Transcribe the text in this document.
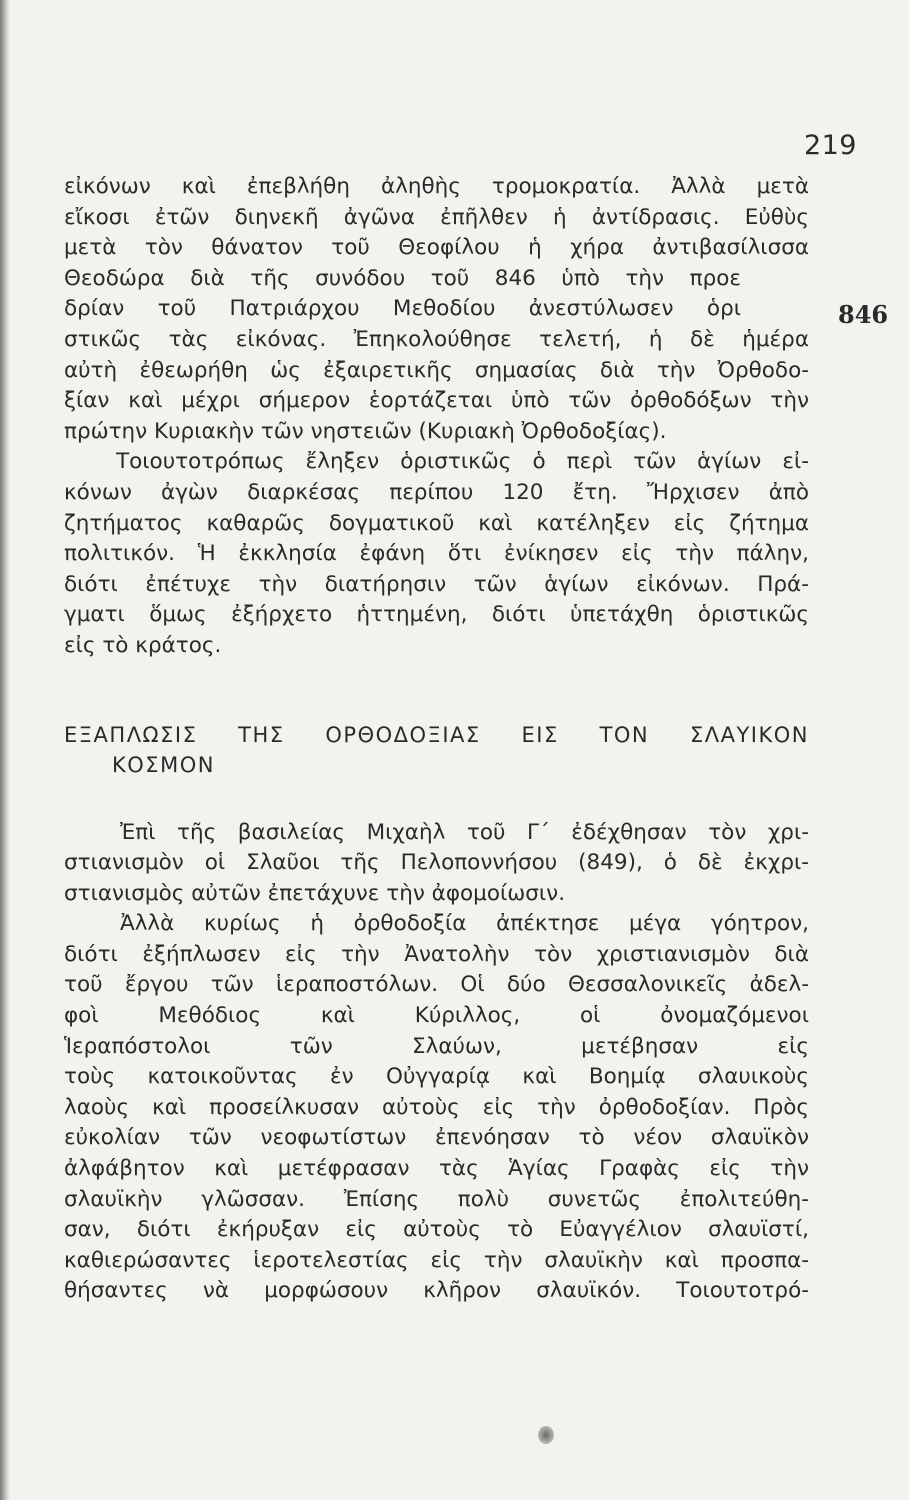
219
846
εἰκόνων καὶ ἐπεβλήθη ἀληθὴς τρομοκρατία. Ἀλλὰ μετὰ
εἴκοσι ἐτῶν διηνεκῆ ἀγῶνα ἐπῆλθεν ἡ ἀντίδρασις. Εὐθὺς
μετὰ τὸν θάνατον τοῦ Θεοφίλου ἡ χήρα ἀντιβασίλισσα
Θεοδώρα διὰ τῆς συνόδου τοῦ 846 ὑπὸ τὴν προε
δρίαν τοῦ Πατριάρχου Μεθοδίου ἀνεστύλωσεν ὁρι
στικῶς τὰς εἰκόνας. Ἐπηκολούθησε τελετή, ἡ δὲ ἡμέρα
αὐτὴ ἐθεωρήθη ὡς ἐξαιρετικῆς σημασίας διὰ τὴν Ὀρθοδο-
ξίαν καὶ μέχρι σήμερον ἑορτάζεται ὑπὸ τῶν ὀρθοδόξων τὴν
πρώτην Κυριακὴν τῶν νηστειῶν (Κυριακὴ Ὀρθοδοξίας).
Τοιουτοτρόπως ἔληξεν ὁριστικῶς ὁ περὶ τῶν ἁγίων εἰ-
κόνων ἀγὼν διαρκέσας περίπου 120 ἔτη. Ἤρχισεν ἀπὸ
ζητήματος καθαρῶς δογματικοῦ καὶ κατέληξεν εἰς ζήτημα
πολιτικόν. Ἡ ἐκκλησία ἐφάνη ὅτι ἐνίκησεν εἰς τὴν πάλην,
διότι ἐπέτυχε τὴν διατήρησιν τῶν ἁγίων εἰκόνων. Πρά-
γματι ὅμως ἐξήρχετο ἡττημένη, διότι ὑπετάχθη ὁριστικῶς
εἰς τὸ κράτος.
ΕΞΑΠΛΩΣΙΣ ΤΗΣ ΟΡΘΟΔΟΞΙΑΣ ΕΙΣ ΤΟΝ ΣΛΑΥΙΚΟΝ
ΚΟΣΜΟΝ
Ἐπὶ τῆς βασιλείας Μιχαὴλ τοῦ Γ΄ ἐδέχθησαν τὸν χρι-
στιανισμὸν οἱ Σλαῦοι τῆς Πελοποννήσου (849), ὁ δὲ ἐκχρι-
στιανισμὸς αὐτῶν ἐπετάχυνε τὴν ἀφομοίωσιν.
Ἀλλὰ κυρίως ἡ ὀρθοδοξία ἀπέκτησε μέγα γόητρον,
διότι ἐξήπλωσεν εἰς τὴν Ἀνατολὴν τὸν χριστιανισμὸν διὰ
τοῦ ἔργου τῶν ἱεραποστόλων. Οἱ δύο Θεσσαλονικεῖς ἀδελ-
φοὶ Μεθόδιος καὶ Κύριλλος, οἱ ὀνομαζόμενοι
Ἱεραπόστολοι τῶν Σλαύων, μετέβησαν εἰς
τοὺς κατοικοῦντας ἐν Οὐγγαρίᾳ καὶ Βοημίᾳ σλαυικοὺς
λαοὺς καὶ προσείλκυσαν αὐτοὺς εἰς τὴν ὀρθοδοξίαν. Πρὸς
εὐκολίαν τῶν νεοφωτίστων ἐπενόησαν τὸ νέον σλαυϊκὸν
ἀλφάβητον καὶ μετέφρασαν τὰς Ἁγίας Γραφὰς εἰς τὴν
σλαυϊκὴν γλῶσσαν. Ἐπίσης πολὺ συνετῶς ἐπολιτεύθη-
σαν, διότι ἐκήρυξαν εἰς αὐτοὺς τὸ Εὐαγγέλιον σλαυϊστί,
καθιερώσαντες ἱεροτελεστίας εἰς τὴν σλαυϊκὴν καὶ προσπα-
θήσαντες νὰ μορφώσουν κλῆρον σλαυϊκόν. Τοιουτοτρό-
